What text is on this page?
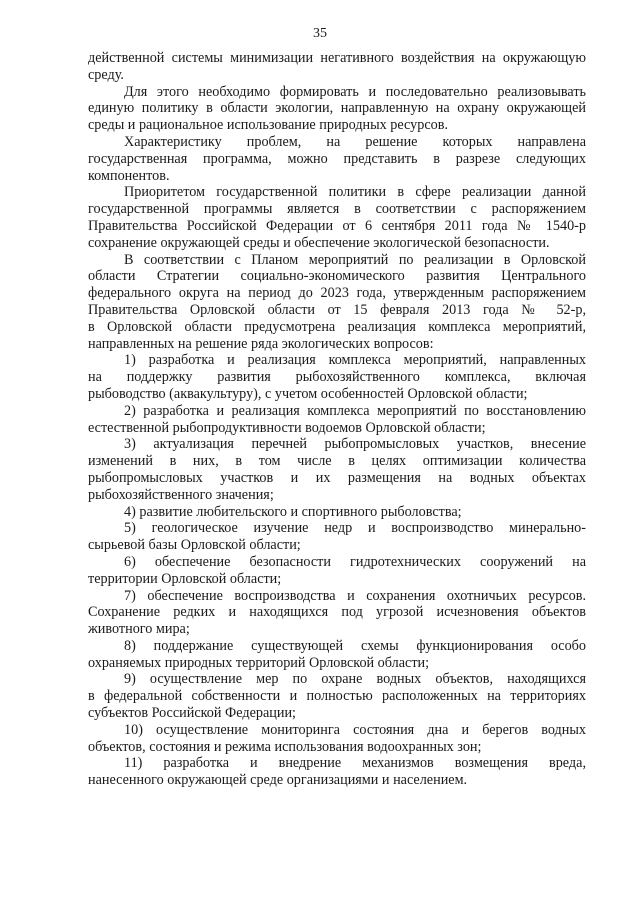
35
действенной системы минимизации негативного воздействия на окружающую
среду.
Для этого необходимо формировать и последовательно реализовывать
единую политику в области экологии, направленную на охрану окружающей
среды и рациональное использование природных ресурсов.
Характеристику проблем, на решение которых направлена
государственная программа, можно представить в разрезе следующих
компонентов.
Приоритетом государственной политики в сфере реализации данной
государственной программы является в соответствии с распоряжением
Правительства Российской Федерации от 6 сентября 2011 года № 1540-р
сохранение окружающей среды и обеспечение экологической безопасности.
В соответствии с Планом мероприятий по реализации в Орловской
области Стратегии социально-экономического развития Центрального
федерального округа на период до 2023 года, утвержденным распоряжением
Правительства Орловской области от 15 февраля 2013 года № 52-р,
в Орловской области предусмотрена реализация комплекса мероприятий,
направленных на решение ряда экологических вопросов:
1) разработка и реализация комплекса мероприятий, направленных
на поддержку развития рыбохозяйственного комплекса, включая
рыбоводство (аквакультуру), с учетом особенностей Орловской области;
2) разработка и реализация комплекса мероприятий по восстановлению
естественной рыбопродуктивности водоемов Орловской области;
3) актуализация перечней рыбопромысловых участков, внесение
изменений в них, в том числе в целях оптимизации количества
рыбопромысловых участков и их размещения на водных объектах
рыбохозяйственного значения;
4) развитие любительского и спортивного рыболовства;
5) геологическое изучение недр и воспроизводство минерально-
сырьевой базы Орловской области;
6) обеспечение безопасности гидротехнических сооружений на
территории Орловской области;
7) обеспечение воспроизводства и сохранения охотничьих ресурсов.
Сохранение редких и находящихся под угрозой исчезновения объектов
животного мира;
8) поддержание существующей схемы функционирования особо
охраняемых природных территорий Орловской области;
9) осуществление мер по охране водных объектов, находящихся
в федеральной собственности и полностью расположенных на территориях
субъектов Российской Федерации;
10) осуществление мониторинга состояния дна и берегов водных
объектов, состояния и режима использования водоохранных зон;
11) разработка и внедрение механизмов возмещения вреда,
нанесенного окружающей среде организациями и населением.
